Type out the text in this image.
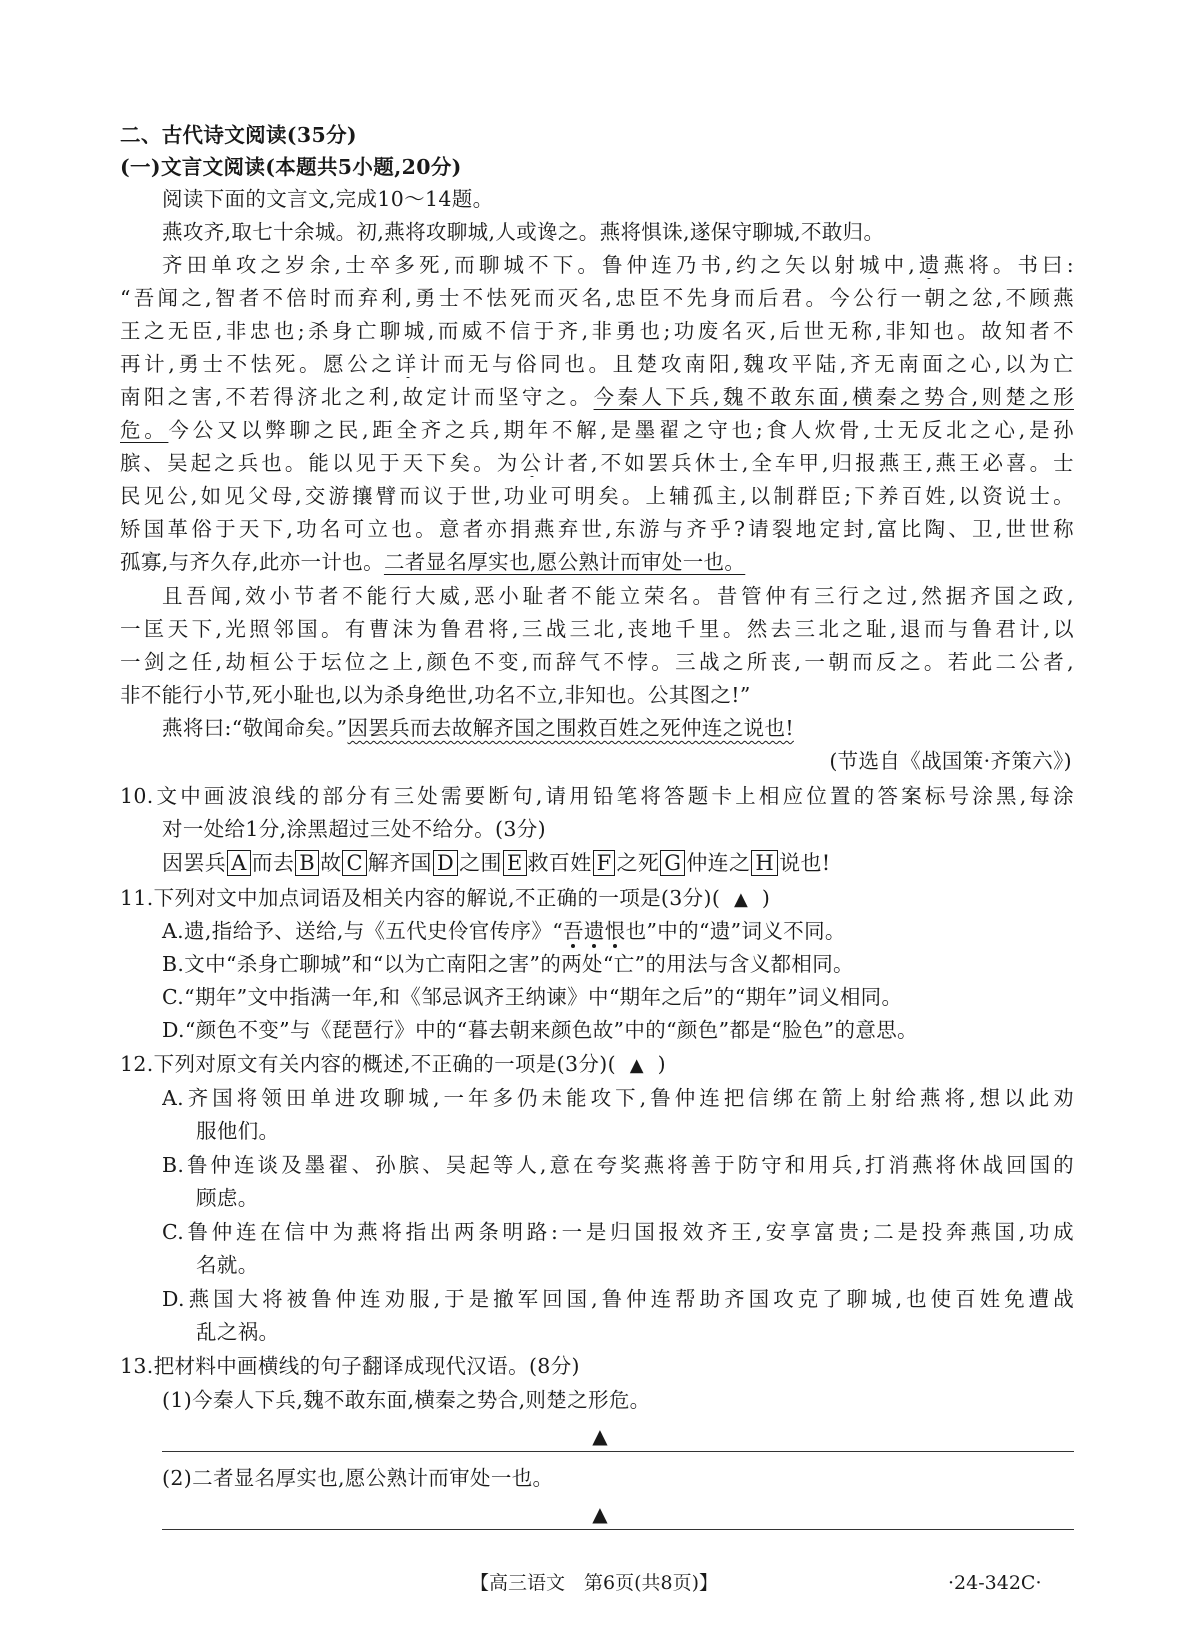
二、古代诗文阅读(35分)
(一)文言文阅读(本题共5小题,20分)
阅读下面的文言文,完成10～14题。
燕攻齐,取七十余城。初,燕将攻聊城,人或谗之。燕将惧诛,遂保守聊城,不敢归。
齐田单攻之岁余,士卒多死,而聊城不下。鲁仲连乃书,约之矢以射城中,遗燕将。书曰:
“吾闻之,智者不倍时而弃利,勇士不怯死而灭名,忠臣不先身而后君。今公行一朝之忿,不顾燕
王之无臣,非忠也;杀身亡聊城,而威不信于齐,非勇也;功废名灭,后世无称,非知也。故知者不
再计,勇士不怯死。愿公之详计而无与俗同也。且楚攻南阳,魏攻平陆,齐无南面之心,以为亡
南阳之害,不若得济北之利,故定计而坚守之。今秦人下兵,魏不敢东面,横秦之势合,则楚之形
危。今公又以弊聊之民,距全齐之兵,期年不解,是墨翟之守也;食人炊骨,士无反北之心,是孙
膑、吴起之兵也。能以见于天下矣。为公计者,不如罢兵休士,全车甲,归报燕王,燕王必喜。士
民见公,如见父母,交游攘臂而议于世,功业可明矣。上辅孤主,以制群臣;下养百姓,以资说士。
矫国革俗于天下,功名可立也。意者亦捐燕弃世,东游与齐乎?请裂地定封,富比陶、卫,世世称
孤寡,与齐久存,此亦一计也。二者显名厚实也,愿公熟计而审处一也。
且吾闻,效小节者不能行大威,恶小耻者不能立荣名。昔管仲有三行之过,然据齐国之政,
一匡天下,光照邻国。有曹沫为鲁君将,三战三北,丧地千里。然去三北之耻,退而与鲁君计,以
一剑之任,劫桓公于坛位之上,颜色不变,而辞气不悖。三战之所丧,一朝而反之。若此二公者,
非不能行小节,死小耻也,以为杀身绝世,功名不立,非知也。公其图之!”
燕将曰:“敬闻命矣。”因罢兵而去故解齐国之围救百姓之死仲连之说也!
(节选自《战国策·齐策六》)
10.文中画波浪线的部分有三处需要断句,请用铅笔将答题卡上相应位置的答案标号涂黑,每涂
对一处给1分,涂黑超过三处不给分。(3分)
因罢兵 A 而去 B 故 C 解齐国 D 之围 E 救百姓 F 之死 G 仲连之 H 说也!
11.下列对文中加点词语及相关内容的解说,不正确的一项是(3分)( ▲ )
A.遗,指给予、送给,与《五代史伶官传序》“吾遗恨也”中的“遗”词义不同。
B.文中“杀身亡聊城”和“以为亡南阳之害”的两处“亡”的用法与含义都相同。
C.“期年”文中指满一年,和《邹忌讽齐王纳谏》中“期年之后”的“期年”词义相同。
D.“颜色不变”与《琵琶行》中的“暮去朝来颜色故”中的“颜色”都是“脸色”的意思。
12.下列对原文有关内容的概述,不正确的一项是(3分)( ▲ )
A.齐国将领田单进攻聊城,一年多仍未能攻下,鲁仲连把信绑在箭上射给燕将,想以此劝
服他们。
B.鲁仲连谈及墨翟、孙膑、吴起等人,意在夸奖燕将善于防守和用兵,打消燕将休战回国的
顾虑。
C.鲁仲连在信中为燕将指出两条明路:一是归国报效齐王,安享富贵;二是投奔燕国,功成
名就。
D.燕国大将被鲁仲连劝服,于是撤军回国,鲁仲连帮助齐国攻克了聊城,也使百姓免遭战
乱之祸。
13.把材料中画横线的句子翻译成现代汉语。(8分)
(1)今秦人下兵,魏不敢东面,横秦之势合,则楚之形危。
▲
(2)二者显名厚实也,愿公熟计而审处一也。
▲
【高三语文　第6页(共8页)】	·24-342C·
